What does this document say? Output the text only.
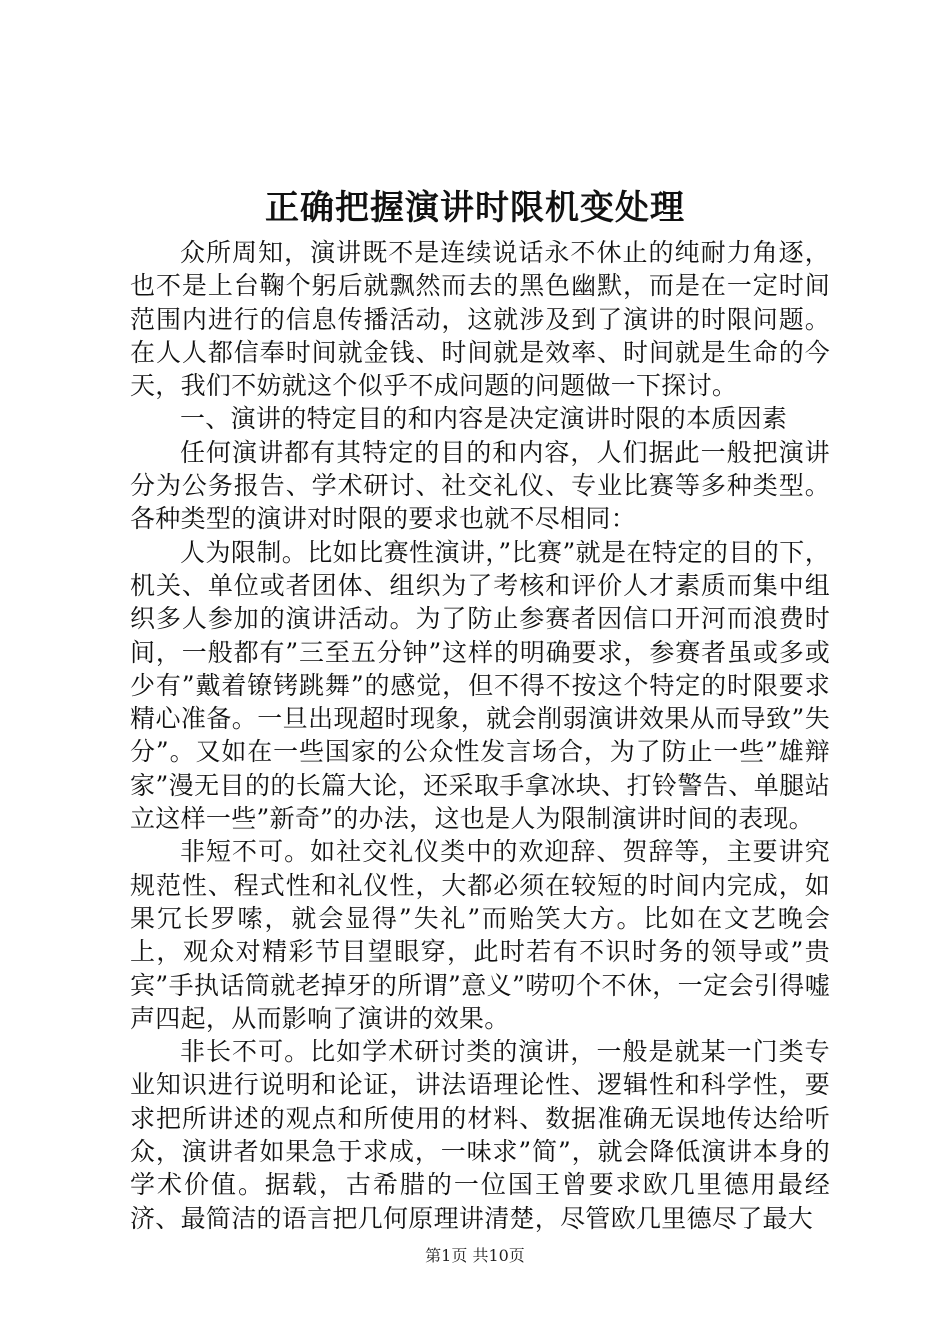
正确把握演讲时限机变处理

众所周知，演讲既不是连续说话永不休止的纯耐力角逐，也不是上台鞠个躬后就飘然而去的黑色幽默，而是在一定时间范围内进行的信息传播活动，这就涉及到了演讲的时限问题。在人人都信奉时间就金钱、时间就是效率、时间就是生命的今天，我们不妨就这个似乎不成问题的问题做一下探讨。

一、演讲的特定目的和内容是决定演讲时限的本质因素

任何演讲都有其特定的目的和内容，人们据此一般把演讲分为公务报告、学术研讨、社交礼仪、专业比赛等多种类型。各种类型的演讲对时限的要求也就不尽相同：

人为限制。比如比赛性演讲，”比赛”就是在特定的目的下，机关、单位或者团体、组织为了考核和评价人才素质而集中组织多人参加的演讲活动。为了防止参赛者因信口开河而浪费时间，一般都有”三至五分钟”这样的明确要求，参赛者虽或多或少有”戴着镣铐跳舞”的感觉，但不得不按这个特定的时限要求精心准备。一旦出现超时现象，就会削弱演讲效果从而导致”失分”。又如在一些国家的公众性发言场合，为了防止一些”雄辩家”漫无目的的长篇大论，还采取手拿冰块、打铃警告、单腿站立这样一些”新奇”的办法，这也是人为限制演讲时间的表现。

非短不可。如社交礼仪类中的欢迎辞、贺辞等，主要讲究规范性、程式性和礼仪性，大都必须在较短的时间内完成，如果冗长罗嗦，就会显得”失礼”而贻笑大方。比如在文艺晚会上，观众对精彩节目望眼穿，此时若有不识时务的领导或”贵宾”手执话筒就老掉牙的所谓”意义”唠叨个不休，一定会引得嘘声四起，从而影响了演讲的效果。

非长不可。比如学术研讨类的演讲，一般是就某一门类专业知识进行说明和论证，讲法语理论性、逻辑性和科学性，要求把所讲述的观点和所使用的材料、数据准确无误地传达给听众，演讲者如果急于求成，一味求”简”，就会降低演讲本身的学术价值。据载，古希腊的一位国王曾要求欧几里德用最经济、最简洁的语言把几何原理讲清楚，尽管欧几里德尽了最大

第1页 共10页
